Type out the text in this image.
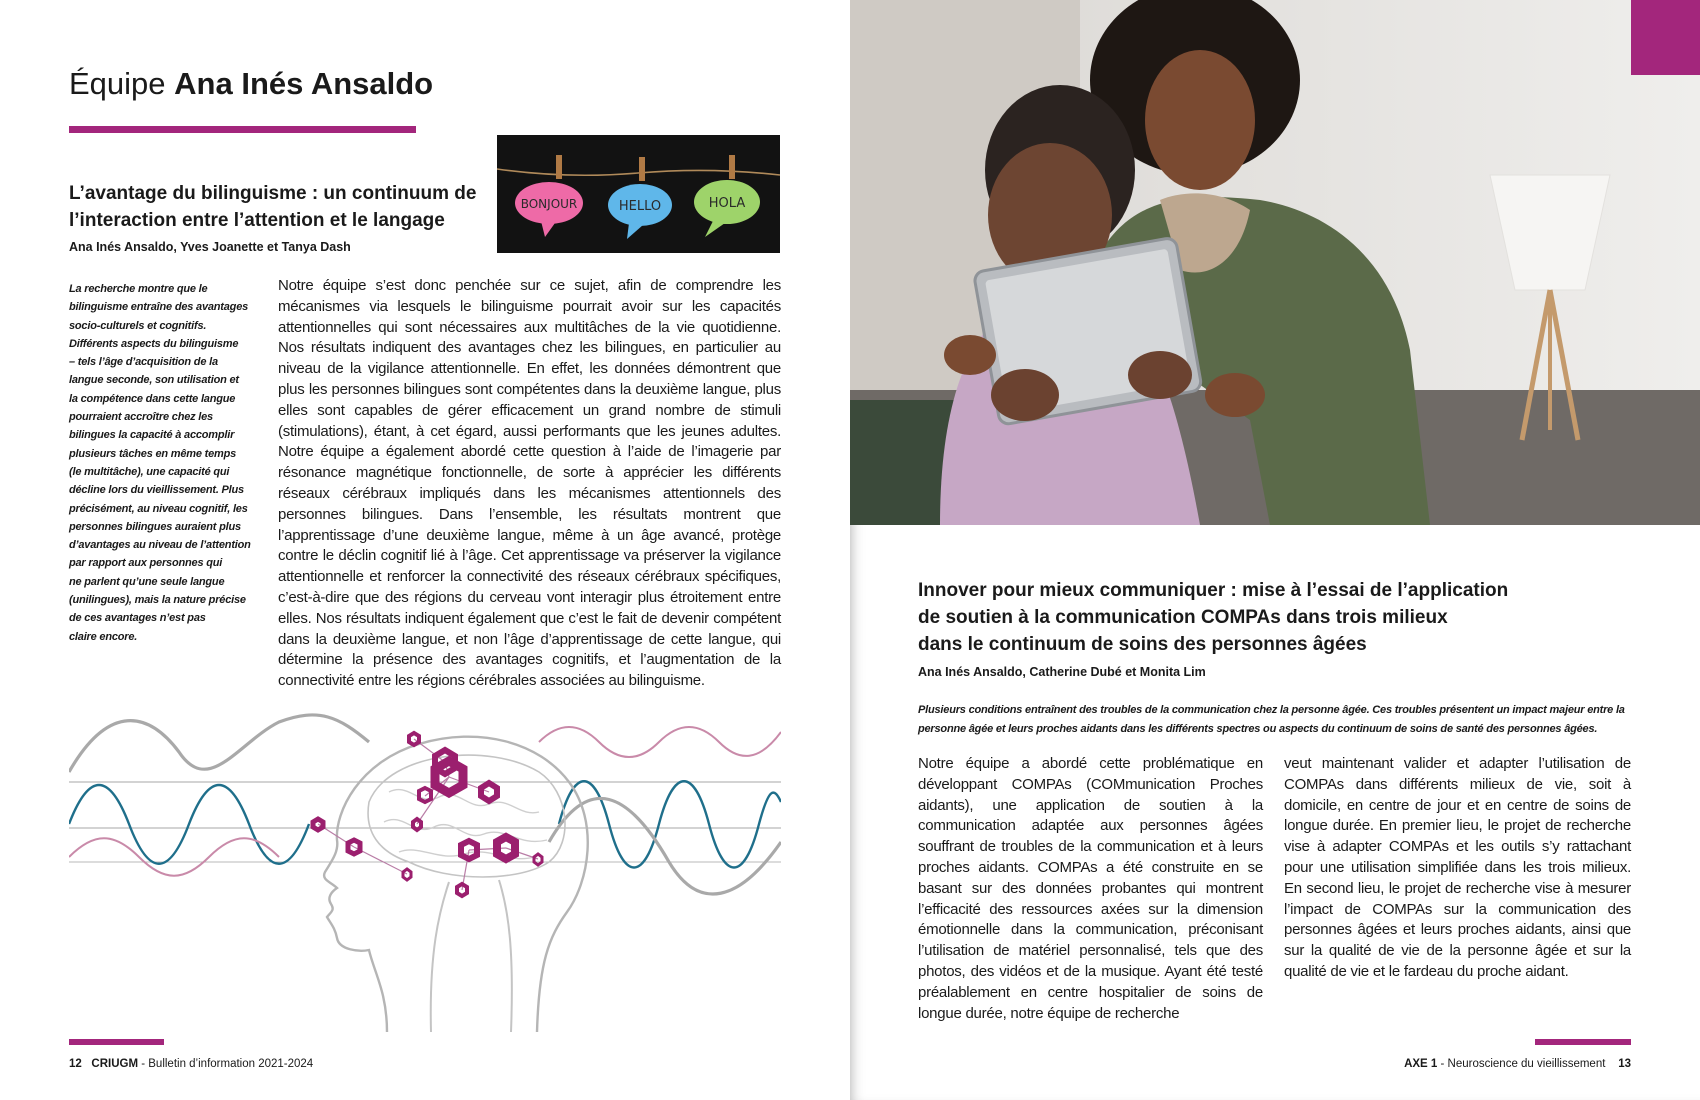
Équipe Ana Inés Ansaldo
BONJOUR	HELLO	HOLA
L’avantage du bilinguisme : un continuum de
l’interaction entre l’attention et le langage

Ana Inés Ansaldo, Yves Joanette et Tanya Dash

La recherche montre que le
bilinguisme entraîne des avantages
socio-culturels et cognitifs.
Différents aspects du bilinguisme
– tels l’âge d’acquisition de la
langue seconde, son utilisation et
la compétence dans cette langue
pourraient accroître chez les
bilingues la capacité à accomplir
plusieurs tâches en même temps
(le multitâche), une capacité qui
décline lors du vieillissement. Plus
précisément, au niveau cognitif, les
personnes bilingues auraient plus
d’avantages au niveau de l’attention
par rapport aux personnes qui
ne parlent qu’une seule langue
(unilingues), mais la nature précise
de ces avantages n’est pas
claire encore.

Notre équipe s’est donc penchée sur ce sujet, afin de comprendre les mécanismes via lesquels le bilinguisme pourrait avoir sur les capacités attentionnelles qui sont nécessaires aux multitâches de la vie quotidienne. Nos résultats indiquent des avantages chez les bilingues, en particulier au niveau de la vigilance attentionnelle. En effet, les données démontrent que plus les personnes bilingues sont compétentes dans la deuxième langue, plus elles sont capables de gérer efficacement un grand nombre de stimuli (stimulations), étant, à cet égard, aussi performants que les jeunes adultes. Notre équipe a également abordé cette question à l’aide de l’imagerie par résonance magnétique fonctionnelle, de sorte à apprécier les différents réseaux cérébraux impliqués dans les mécanismes attentionnels des personnes bilingues. Dans l’ensemble, les résultats montrent que l’apprentissage d’une deuxième langue, même à un âge avancé, protège contre le déclin cognitif lié à l’âge. Cet apprentissage va préserver la vigilance attentionnelle et renforcer la connectivité des réseaux cérébraux spécifiques, c’est-à-dire que des régions du cerveau vont interagir plus étroitement entre elles. Nos résultats indiquent également que c’est le fait de devenir compétent dans la deuxième langue, et non l’âge d’apprentissage de cette langue, qui détermine la présence des avantages cognitifs, et l’augmentation de la connectivité entre les régions cérébrales associées au bilinguisme.

12 CRIUGM - Bulletin d’information 2021-2024
Innover pour mieux communiquer : mise à l’essai de l’application
de soutien à la communication COMPAs dans trois milieux
dans le continuum de soins des personnes âgées

Ana Inés Ansaldo, Catherine Dubé et Monita Lim

Plusieurs conditions entraînent des troubles de la communication chez la personne âgée. Ces troubles présentent un impact majeur entre la personne âgée et leurs proches aidants dans les différents spectres ou aspects du continuum de soins de santé des personnes âgées.

Notre équipe a abordé cette problématique en développant COMPAs (COMmunication Proches aidants), une application de soutien à la communication adaptée aux personnes âgées souffrant de troubles de la communication et à leurs proches aidants. COMPAs a été construite en se basant sur des données probantes qui montrent l’efficacité des ressources axées sur la dimension émotionnelle dans la communication, préconisant l’utilisation de matériel personnalisé, tels que des photos, des vidéos et de la musique. Ayant été testé préalablement en centre hospitalier de soins de longue durée, notre équipe de recherche

veut maintenant valider et adapter l’utilisation de COMPAs dans différents milieux de vie, soit à domicile, en centre de jour et en centre de soins de longue durée. En premier lieu, le projet de recherche vise à adapter COMPAs et les outils s’y rattachant pour une utilisation simplifiée dans les trois milieux. En second lieu, le projet de recherche vise à mesurer l’impact de COMPAs sur la communication des personnes âgées et leurs proches aidants, ainsi que sur la qualité de vie de la personne âgée et sur la qualité de vie et le fardeau du proche aidant.

AXE 1 - Neuroscience du vieillissement 13
